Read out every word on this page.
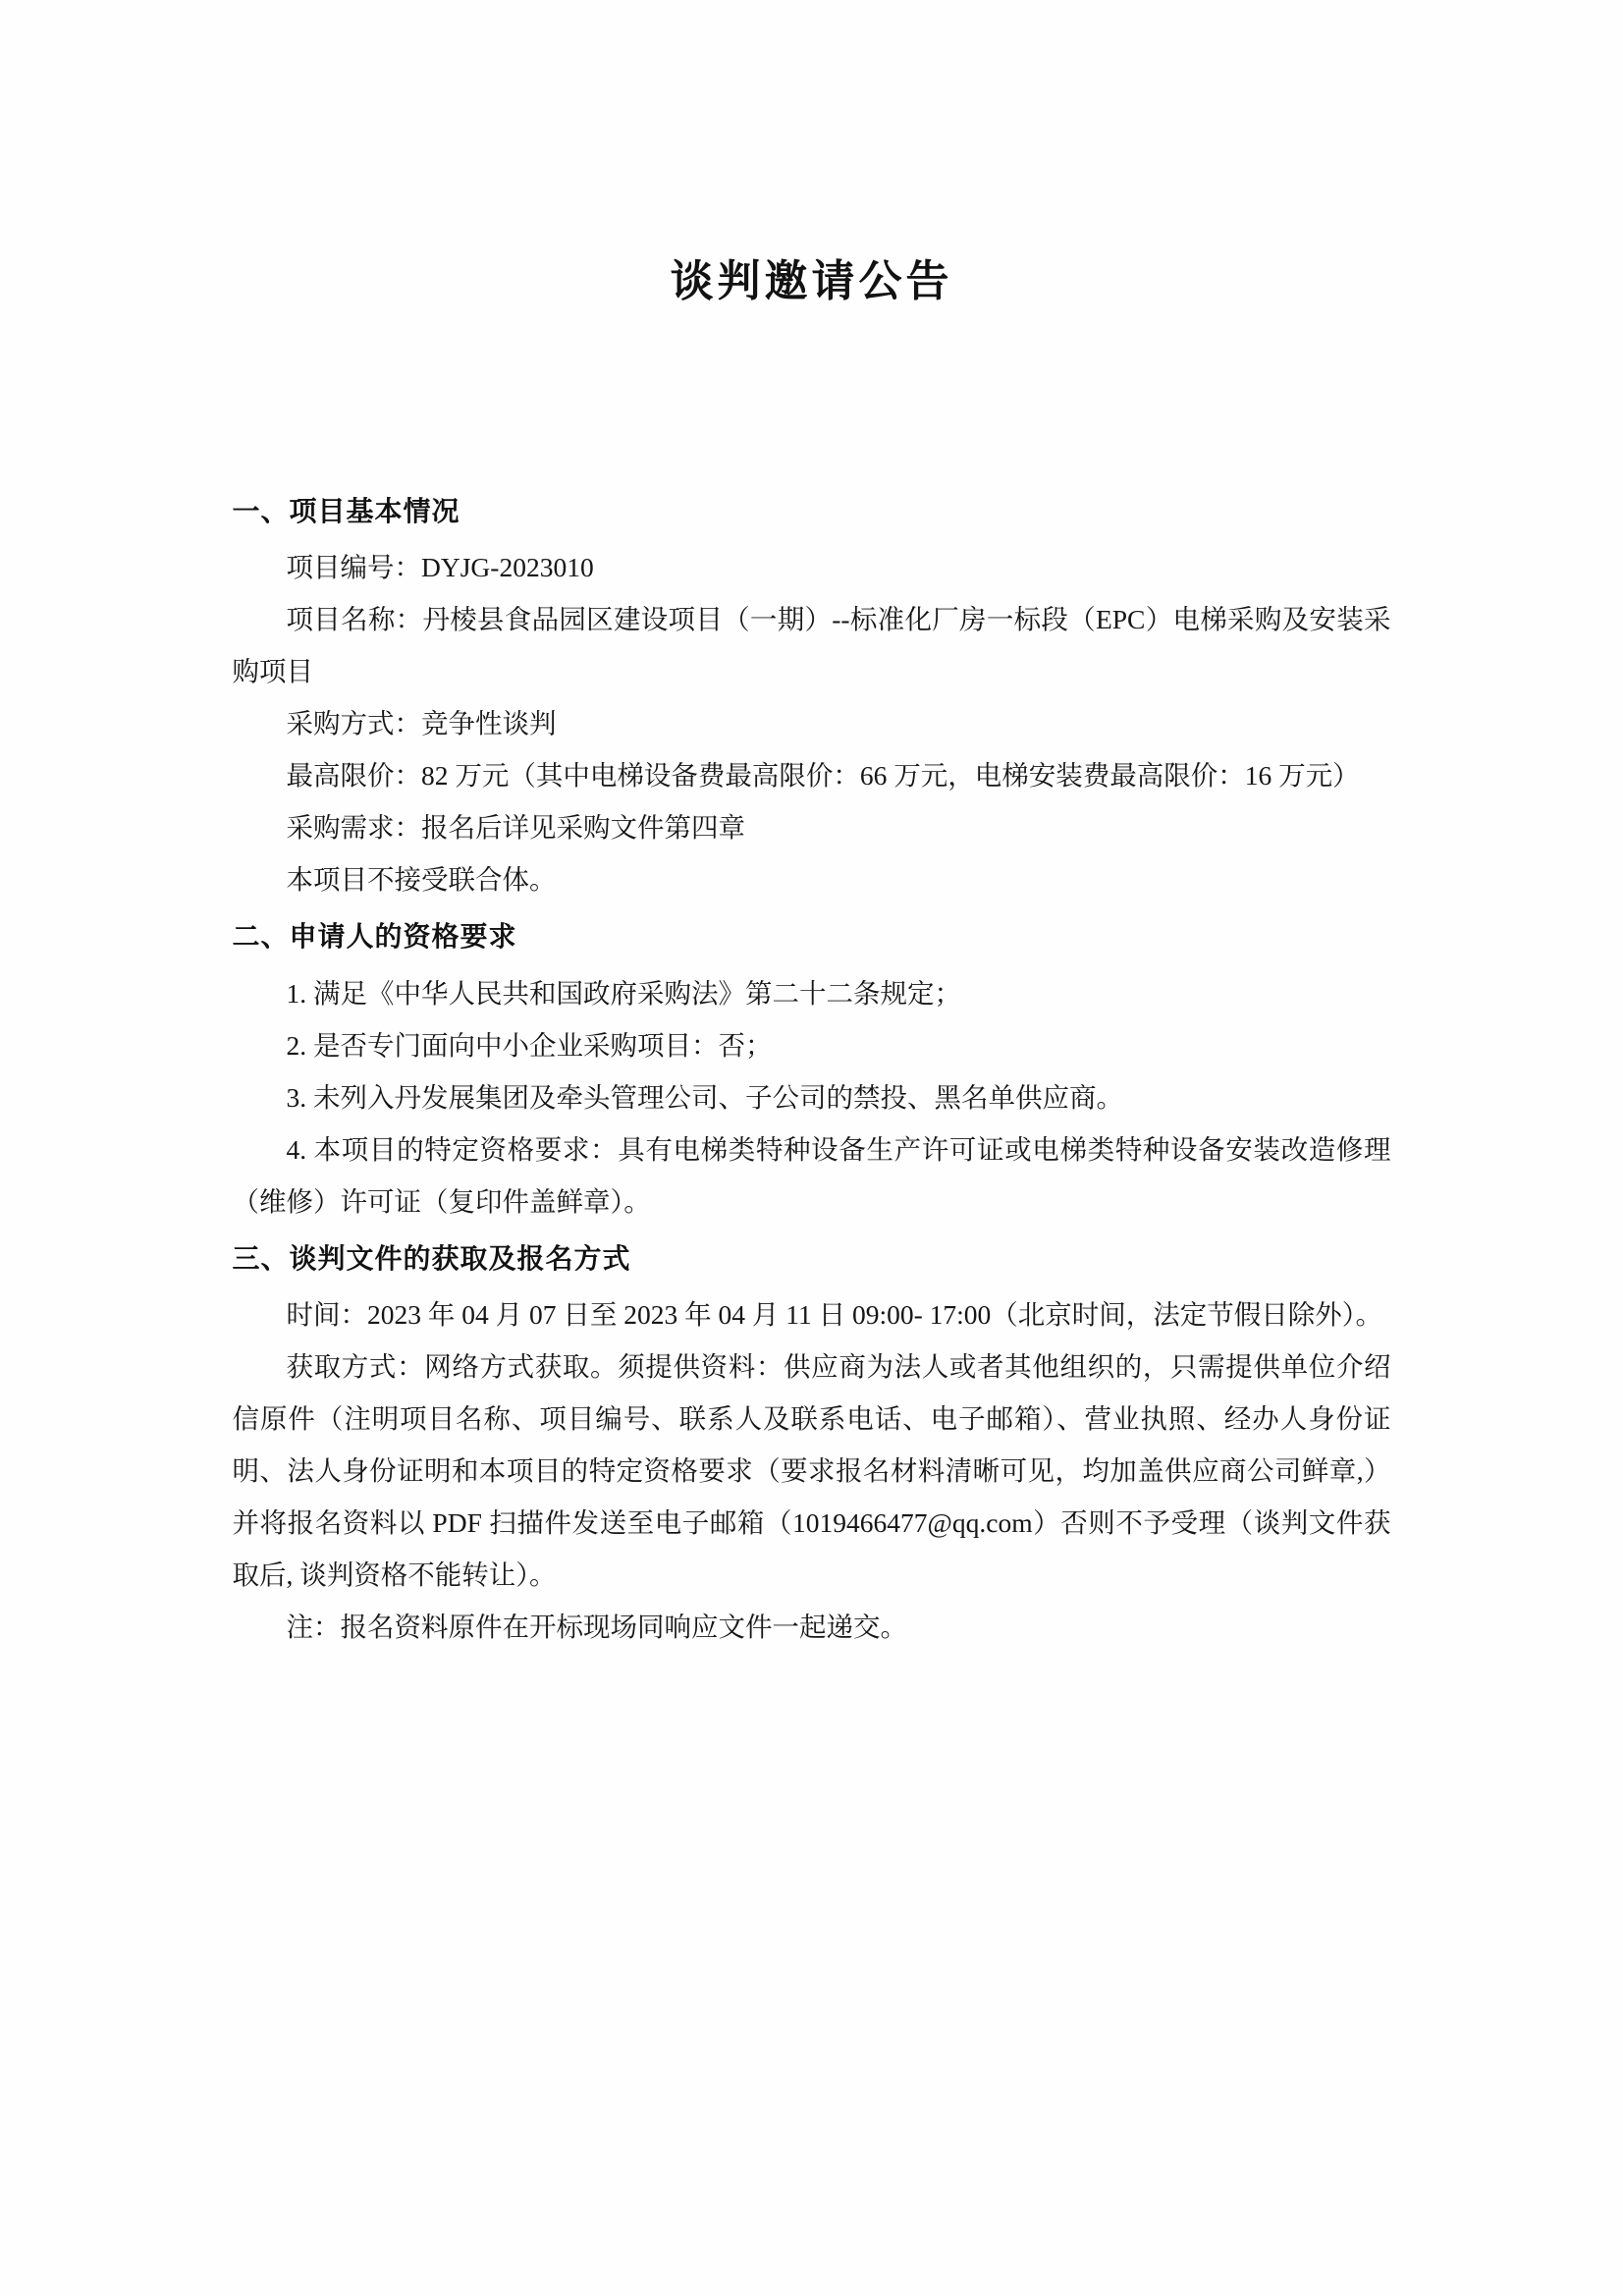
谈判邀请公告
一、项目基本情况

项目编号：DYJG-2023010

项目名称：丹棱县食品园区建设项目（一期）--标准化厂房一标段（EPC）电梯采购及安装采购项目

采购方式：竞争性谈判

最高限价：82 万元（其中电梯设备费最高限价：66 万元，电梯安装费最高限价：16 万元）

采购需求：报名后详见采购文件第四章

本项目不接受联合体。

二、申请人的资格要求

1. 满足《中华人民共和国政府采购法》第二十二条规定；

2. 是否专门面向中小企业采购项目：否；

3. 未列入丹发展集团及牵头管理公司、子公司的禁投、黑名单供应商。

4. 本项目的特定资格要求：具有电梯类特种设备生产许可证或电梯类特种设备安装改造修理（维修）许可证（复印件盖鲜章）。

三、谈判文件的获取及报名方式

时间：2023 年 04 月 07 日至 2023 年 04 月 11 日 09:00- 17:00（北京时间，法定节假日除外）。

获取方式：网络方式获取。须提供资料：供应商为法人或者其他组织的，只需提供单位介绍信原件（注明项目名称、项目编号、联系人及联系电话、电子邮箱）、营业执照、经办人身份证明、法人身份证明和本项目的特定资格要求（要求报名材料清晰可见，均加盖供应商公司鲜章,）并将报名资料以 PDF 扫描件发送至电子邮箱（1019466477@qq.com）否则不予受理（谈判文件获取后, 谈判资格不能转让）。

注：报名资料原件在开标现场同响应文件一起递交。
